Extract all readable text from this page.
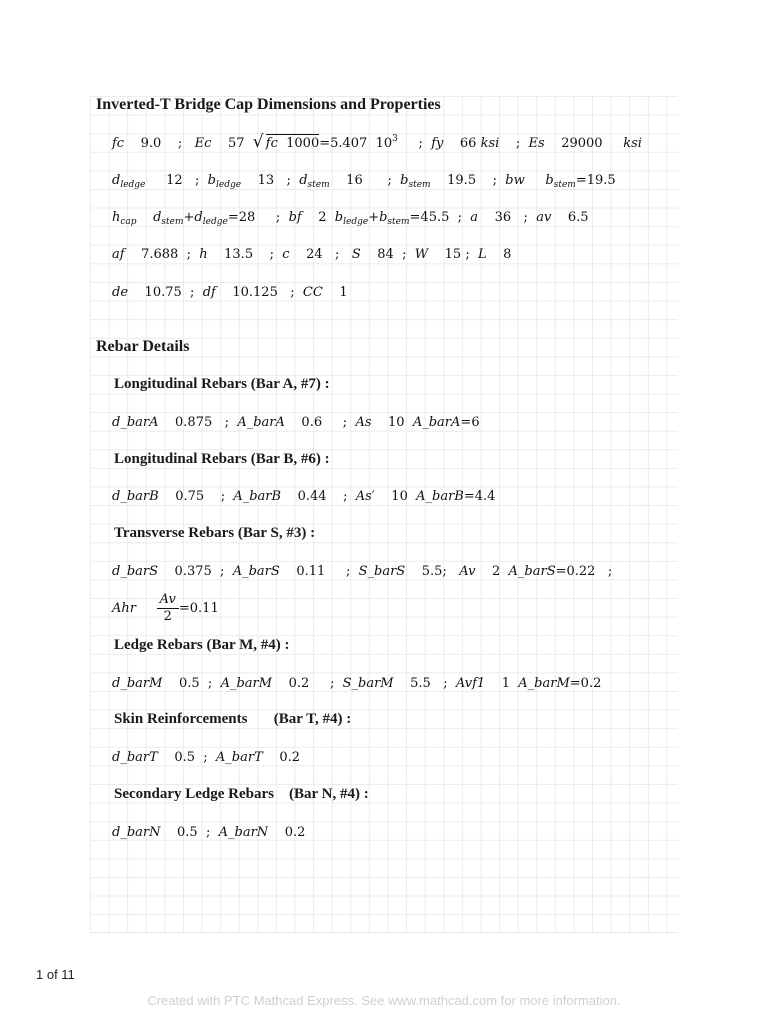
Inverted-T Bridge Cap Dimensions and Properties
fc 9.0 ; Ec 57 √ fc 1000=5.407 $10^3$ ; fy 66 ksi ; Es 29000 ksi
$d_{ledge}$ 12 ; $b_{ledge}$ 13 ; $d_{stem}$ 16 ; $b_{stem}$ 19.5 ; bw $b_{stem}=19.5$
$h_{cap}$ $d_{stem}+d_{ledge}=28$ ; bf 2 $b_{ledge}+b_{stem}=45.5$ ; a 36 ; av 6.5
af 7.688 ; h 13.5 ; c 24 ; S 84 ; W 15 ; L 8
de 10.75 ; df 10.125 ; CC 1
Rebar Details
Longitudinal Rebars (Bar A, #7) :
d_barA 0.875 ; A_barA 0.6 ; As 10 A_barA=6
Longitudinal Rebars (Bar B, #6) :
d_barB 0.75 ; A_barB 0.44 ; As′ 10 A_barB=4.4
Transverse Rebars (Bar S, #3) :
d_barS 0.375 ; A_barS 0.11 ; S_barS 5.5; Av 2 A_barS=0.22 ;
Ahr $\frac{Av}{2} =0.11$
Ledge Rebars (Bar M, #4) :
d_barM 0.5 ; A_barM 0.2 ; S_barM 5.5 ; Avf1 1 A_barM=0.2
Skin Reinforcements       (Bar T, #4) :
d_barT 0.5 ; A_barT 0.2
Secondary Ledge Rebars    (Bar N, #4) :
d_barN 0.5 ; A_barN 0.2
1 of 11
Created with PTC Mathcad Express. See www.mathcad.com for more information.
